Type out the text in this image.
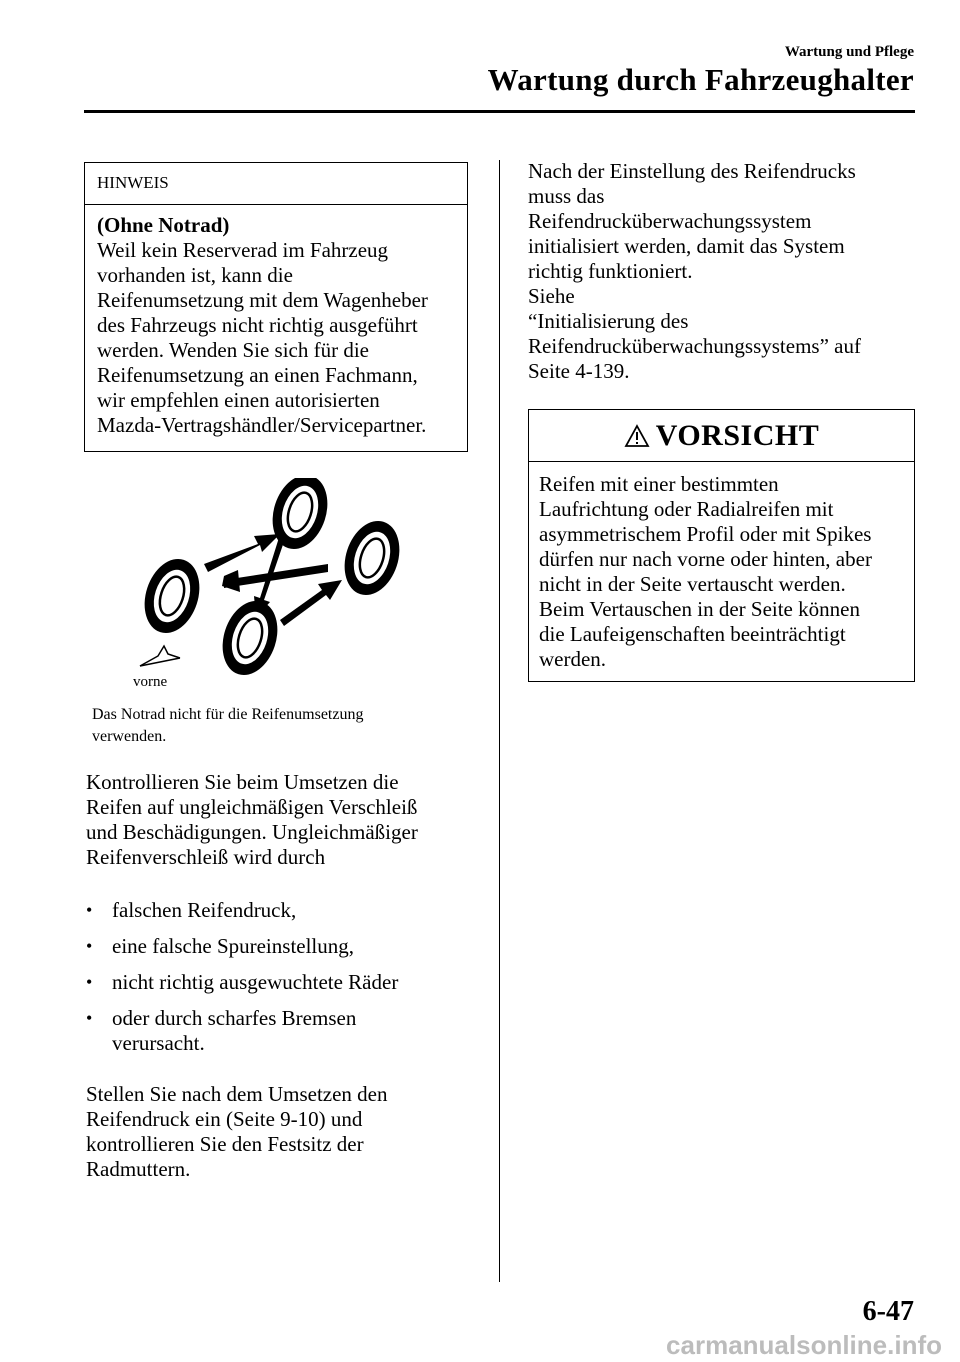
Wartung und Pflege
Wartung durch Fahrzeughalter
HINWEIS
(Ohne Notrad)
Weil kein Reserverad im Fahrzeug
vorhanden ist, kann die
Reifenumsetzung mit dem Wagenheber
des Fahrzeugs nicht richtig ausgeführt
werden. Wenden Sie sich für die
Reifenumsetzung an einen Fachmann,
wir empfehlen einen autorisierten
Mazda-Vertragshändler/Servicepartner.
vorne
Das Notrad nicht für die Reifenumsetzung
verwenden.
Kontrollieren Sie beim Umsetzen die
Reifen auf ungleichmäßigen Verschleiß
und Beschädigungen. Ungleichmäßiger
Reifenverschleiß wird durch
• falschen Reifendruck,
• eine falsche Spureinstellung,
• nicht richtig ausgewuchtete Räder
• oder durch scharfes Bremsen
verursacht.
Stellen Sie nach dem Umsetzen den
Reifendruck ein (Seite 9-10) und
kontrollieren Sie den Festsitz der
Radmuttern.
Nach der Einstellung des Reifendrucks
muss das
Reifendrucküberwachungssystem
initialisiert werden, damit das System
richtig funktioniert.
Siehe
“Initialisierung des
Reifendrucküberwachungssystems” auf
Seite 4-139.
VORSICHT
Reifen mit einer bestimmten
Laufrichtung oder Radialreifen mit
asymmetrischem Profil oder mit Spikes
dürfen nur nach vorne oder hinten, aber
nicht in der Seite vertauscht werden.
Beim Vertauschen in der Seite können
die Laufeigenschaften beeinträchtigt
werden.
6-47
carmanualsonline.info
